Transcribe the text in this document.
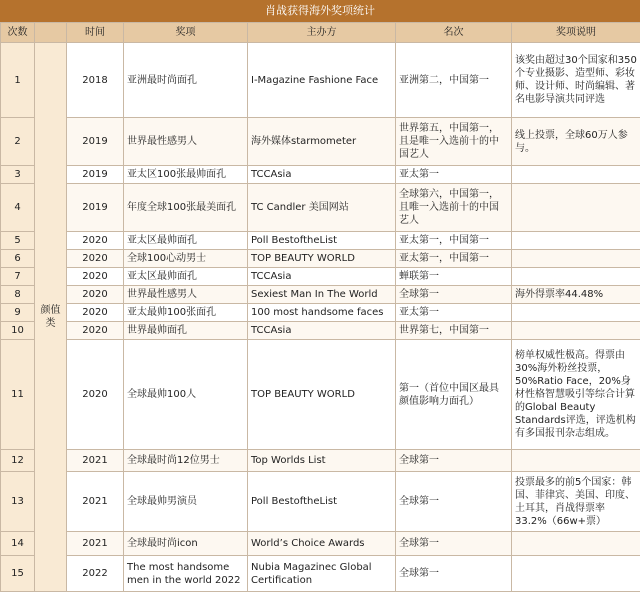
肖战获得海外奖项统计
次数		时间	奖项	主办方	名次	奖项说明
1	颜值类	2018	亚洲最时尚面孔	I-Magazine Fashione Face	亚洲第二，中国第一	该奖由超过30个国家和350个专业摄影、造型师、彩妆师、设计师、时尚编辑、著名电影导演共同评选
2		2019	世界最性感男人	海外媒体starmometer	世界第五，中国第一，且是唯一入选前十的中国艺人	线上投票，全球60万人参与。
3		2019	亚太区100张最帅面孔	TCCAsia	亚太第一	
4		2019	年度全球100张最美面孔	TC Candler 美国网站	全球第六，中国第一，且唯一入选前十的中国艺人	
5		2020	亚太区最帅面孔	Poll BestoftheList	亚太第一，中国第一	
6		2020	全球100心动男士	TOP BEAUTY WORLD	亚太第一，中国第一	
7		2020	亚太区最帅面孔	TCCAsia	蝉联第一	
8		2020	世界最性感男人	Sexiest Man In The World	全球第一	海外得票率44.48%
9		2020	亚太最帅100张面孔	100 most handsome faces	亚太第一	
10		2020	世界最帅面孔	TCCAsia	世界第七，中国第一	
11		2020	全球最帅100人	TOP BEAUTY WORLD	第一（首位中国区最具颜值影响力面孔）	榜单权威性极高。得票由30%海外粉丝投票，50%Ratio Face，20%身材性格智慧吸引等综合计算的Global Beauty Standards评选，评选机构有多国报刊杂志组成。
12		2021	全球最时尚12位男士	Top Worlds List	全球第一	
13		2021	全球最帅男演员	Poll BestoftheList	全球第一	投票最多的前5个国家：韩国、菲律宾、美国、印度、土耳其，肖战得票率33.2%（66w+票）
14		2021	全球最时尚icon	World’s Choice Awards	全球第一	
15		2022	The most handsome men in the world 2022	Nubia Magazinec Global Certification	全球第一	
